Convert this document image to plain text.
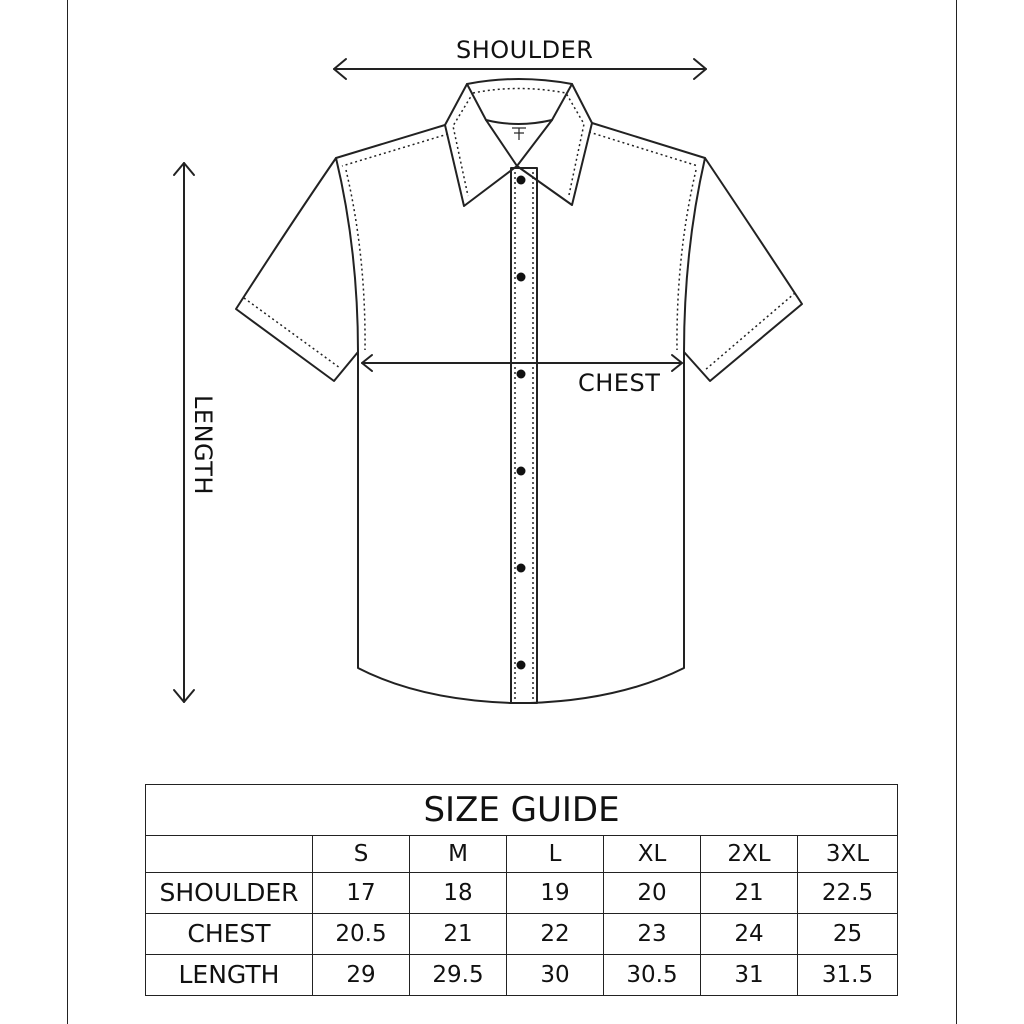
SHOULDER
CHEST
LENGTH
SIZE GUIDE						
	S	M	L	XL	2XL	3XL
SHOULDER	17	18	19	20	21	22.5
CHEST	20.5	21	22	23	24	25
LENGTH	29	29.5	30	30.5	31	31.5
